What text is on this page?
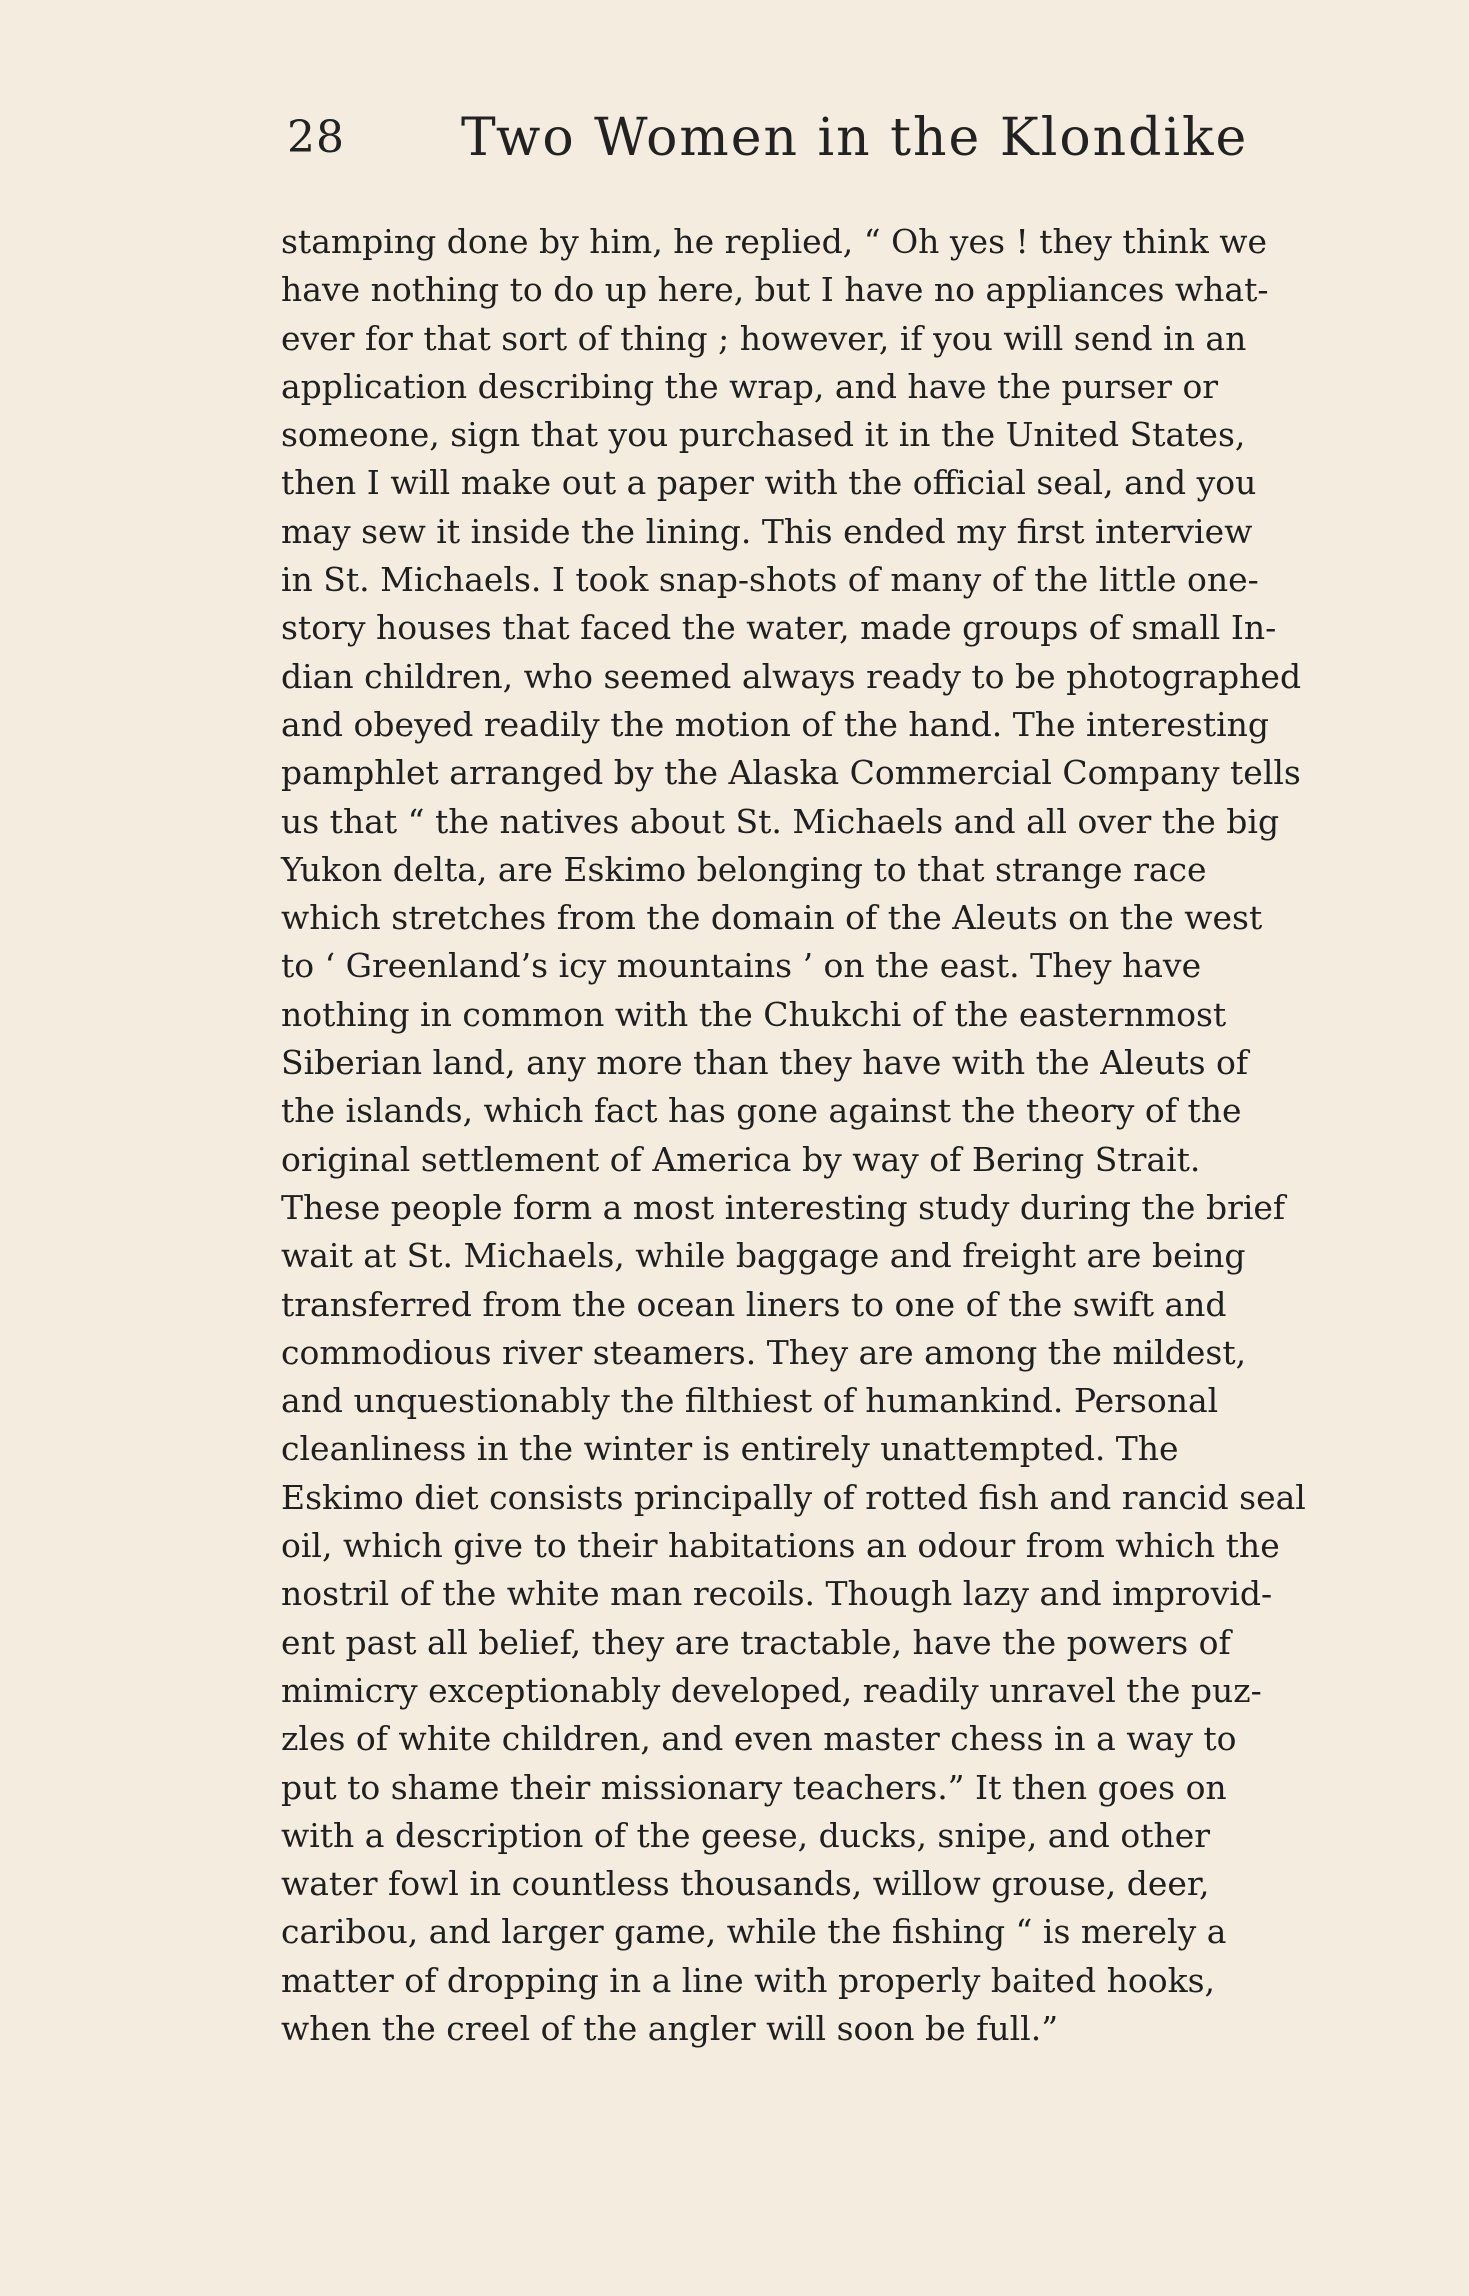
28 Two Women in the Klondike
stamping done by him, he replied, “ Oh yes ! they think we
have nothing to do up here, but I have no appliances what-
ever for that sort of thing ; however, if you will send in an
application describing the wrap, and have the purser or
someone, sign that you purchased it in the United States,
then I will make out a paper with the official seal, and you
may sew it inside the lining. This ended my first interview
in St. Michaels. I took snap-shots of many of the little one-
story houses that faced the water, made groups of small In-
dian children, who seemed always ready to be photographed
and obeyed readily the motion of the hand. The interesting
pamphlet arranged by the Alaska Commercial Company tells
us that “ the natives about St. Michaels and all over the big
Yukon delta, are Eskimo belonging to that strange race
which stretches from the domain of the Aleuts on the west
to ‘ Greenland’s icy mountains ’ on the east. They have
nothing in common with the Chukchi of the easternmost
Siberian land, any more than they have with the Aleuts of
the islands, which fact has gone against the theory of the
original settlement of America by way of Bering Strait.
These people form a most interesting study during the brief
wait at St. Michaels, while baggage and freight are being
transferred from the ocean liners to one of the swift and
commodious river steamers. They are among the mildest,
and unquestionably the filthiest of humankind. Personal
cleanliness in the winter is entirely unattempted. The
Eskimo diet consists principally of rotted fish and rancid seal
oil, which give to their habitations an odour from which the
nostril of the white man recoils. Though lazy and improvid-
ent past all belief, they are tractable, have the powers of
mimicry exceptionably developed, readily unravel the puz-
zles of white children, and even master chess in a way to
put to shame their missionary teachers.” It then goes on
with a description of the geese, ducks, snipe, and other
water fowl in countless thousands, willow grouse, deer,
caribou, and larger game, while the fishing “ is merely a
matter of dropping in a line with properly baited hooks,
when the creel of the angler will soon be full.”
